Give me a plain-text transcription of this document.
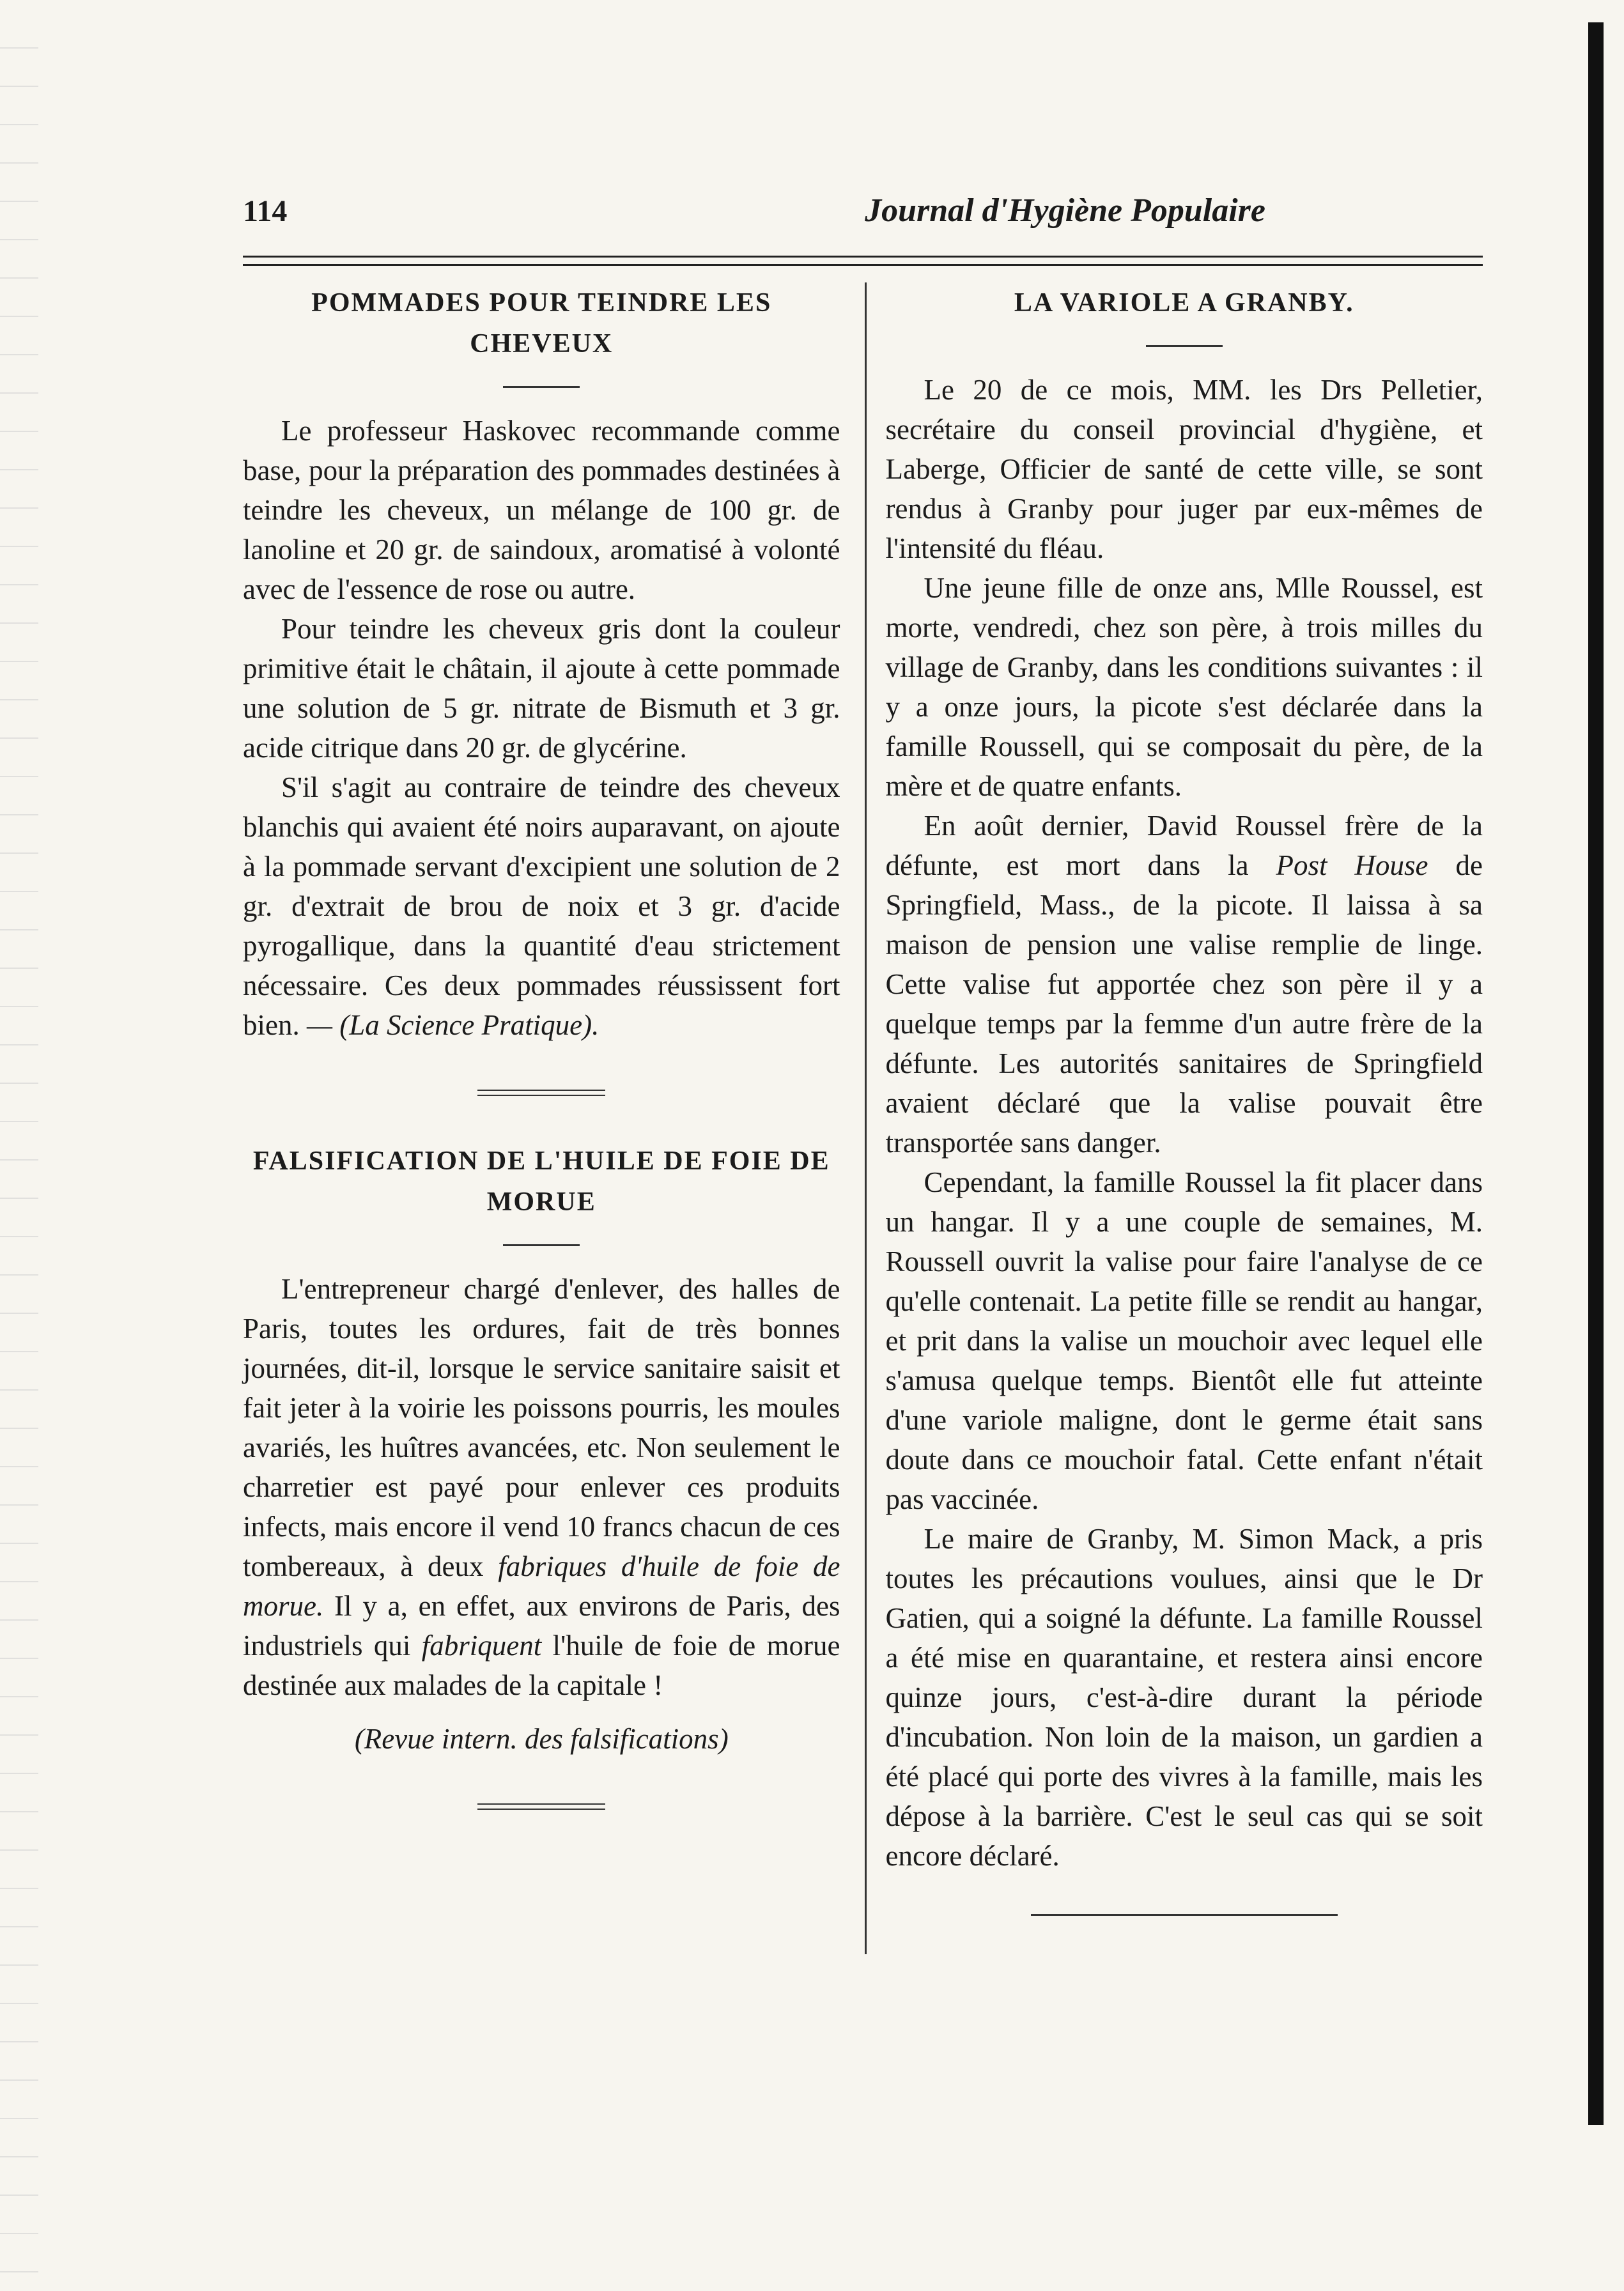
114	Journal d'Hygiène Populaire
POMMADES POUR TEINDRE LES CHEVEUX

Le professeur Haskovec recommande comme base, pour la préparation des pommades destinées à teindre les cheveux, un mélange de 100 gr. de lanoline et 20 gr. de saindoux, aromatisé à volonté avec de l'essence de rose ou autre.

Pour teindre les cheveux gris dont la couleur primitive était le châtain, il ajoute à cette pommade une solution de 5 gr. nitrate de Bismuth et 3 gr. acide citrique dans 20 gr. de glycérine.

S'il s'agit au contraire de teindre des cheveux blanchis qui avaient été noirs auparavant, on ajoute à la pommade servant d'excipient une solution de 2 gr. d'extrait de brou de noix et 3 gr. d'acide pyrogallique, dans la quantité d'eau strictement nécessaire. Ces deux pommades réussissent fort bien. — (La Science Pratique).

FALSIFICATION DE L'HUILE DE FOIE DE MORUE

L'entrepreneur chargé d'enlever, des halles de Paris, toutes les ordures, fait de très bonnes journées, dit-il, lorsque le service sanitaire saisit et fait jeter à la voirie les poissons pourris, les moules avariés, les huîtres avancées, etc. Non seulement le charretier est payé pour enlever ces produits infects, mais encore il vend 10 francs chacun de ces tombereaux, à deux fabriques d'huile de foie de morue. Il y a, en effet, aux environs de Paris, des industriels qui fabriquent l'huile de foie de morue destinée aux malades de la capitale !

(Revue intern. des falsifications)

LA VARIOLE A GRANBY.

Le 20 de ce mois, MM. les Drs Pelletier, secrétaire du conseil provincial d'hygiène, et Laberge, Officier de santé de cette ville, se sont rendus à Granby pour juger par eux-mêmes de l'intensité du fléau.

Une jeune fille de onze ans, Mlle Roussel, est morte, vendredi, chez son père, à trois milles du village de Granby, dans les conditions suivantes : il y a onze jours, la picote s'est déclarée dans la famille Roussell, qui se composait du père, de la mère et de quatre enfants.

En août dernier, David Roussel frère de la défunte, est mort dans la Post House de Springfield, Mass., de la picote. Il laissa à sa maison de pension une valise remplie de linge. Cette valise fut apportée chez son père il y a quelque temps par la femme d'un autre frère de la défunte. Les autorités sanitaires de Springfield avaient déclaré que la valise pouvait être transportée sans danger.

Cependant, la famille Roussel la fit placer dans un hangar. Il y a une couple de semaines, M. Roussell ouvrit la valise pour faire l'analyse de ce qu'elle contenait. La petite fille se rendit au hangar, et prit dans la valise un mouchoir avec lequel elle s'amusa quelque temps. Bientôt elle fut atteinte d'une variole maligne, dont le germe était sans doute dans ce mouchoir fatal. Cette enfant n'était pas vaccinée.

Le maire de Granby, M. Simon Mack, a pris toutes les précautions voulues, ainsi que le Dr Gatien, qui a soigné la défunte. La famille Roussel a été mise en quarantaine, et restera ainsi encore quinze jours, c'est-à-dire durant la période d'incubation. Non loin de la maison, un gardien a été placé qui porte des vivres à la famille, mais les dépose à la barrière. C'est le seul cas qui se soit encore déclaré.
